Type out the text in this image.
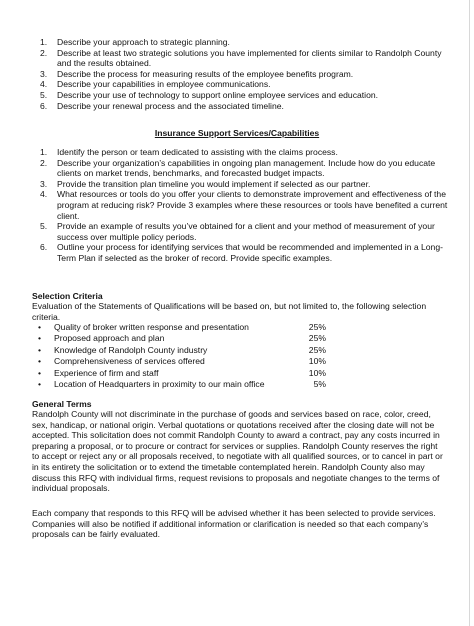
1. Describe your approach to strategic planning.
2. Describe at least two strategic solutions you have implemented for clients similar to Randolph County and the results obtained.
3. Describe the process for measuring results of the employee benefits program.
4. Describe your capabilities in employee communications.
5. Describe your use of technology to support online employee services and education.
6. Describe your renewal process and the associated timeline.
Insurance Support Services/Capabilities
1. Identify the person or team dedicated to assisting with the claims process.
2. Describe your organization’s capabilities in ongoing plan management. Include how do you educate clients on market trends, benchmarks, and forecasted budget impacts.
3. Provide the transition plan timeline you would implement if selected as our partner.
4. What resources or tools do you offer your clients to demonstrate improvement and effectiveness of the program at reducing risk? Provide 3 examples where these resources or tools have benefited a current client.
5. Provide an example of results you’ve obtained for a client and your method of measurement of your success over multiple policy periods.
6. Outline your process for identifying services that would be recommended and implemented in a Long-Term Plan if selected as the broker of record. Provide specific examples.
Selection Criteria
Evaluation of the Statements of Qualifications will be based on, but not limited to, the following selection criteria.
• Quality of broker written response and presentation	25%
• Proposed approach and plan	25%
• Knowledge of Randolph County industry	25%
• Comprehensiveness of services offered	10%
• Experience of firm and staff	10%
• Location of Headquarters in proximity to our main office	5%
General Terms
Randolph County will not discriminate in the purchase of goods and services based on race, color, creed, sex, handicap, or national origin. Verbal quotations or quotations received after the closing date will not be accepted. This solicitation does not commit Randolph County to award a contract, pay any costs incurred in preparing a proposal, or to procure or contract for services or supplies. Randolph County reserves the right to accept or reject any or all proposals received, to negotiate with all qualified sources, or to cancel in part or in its entirety the solicitation or to extend the timetable contemplated herein. Randolph County also may discuss this RFQ with individual firms, request revisions to proposals and negotiate changes to the terms of individual proposals.
Each company that responds to this RFQ will be advised whether it has been selected to provide services. Companies will also be notified if additional information or clarification is needed so that each company’s proposals can be fairly evaluated.
